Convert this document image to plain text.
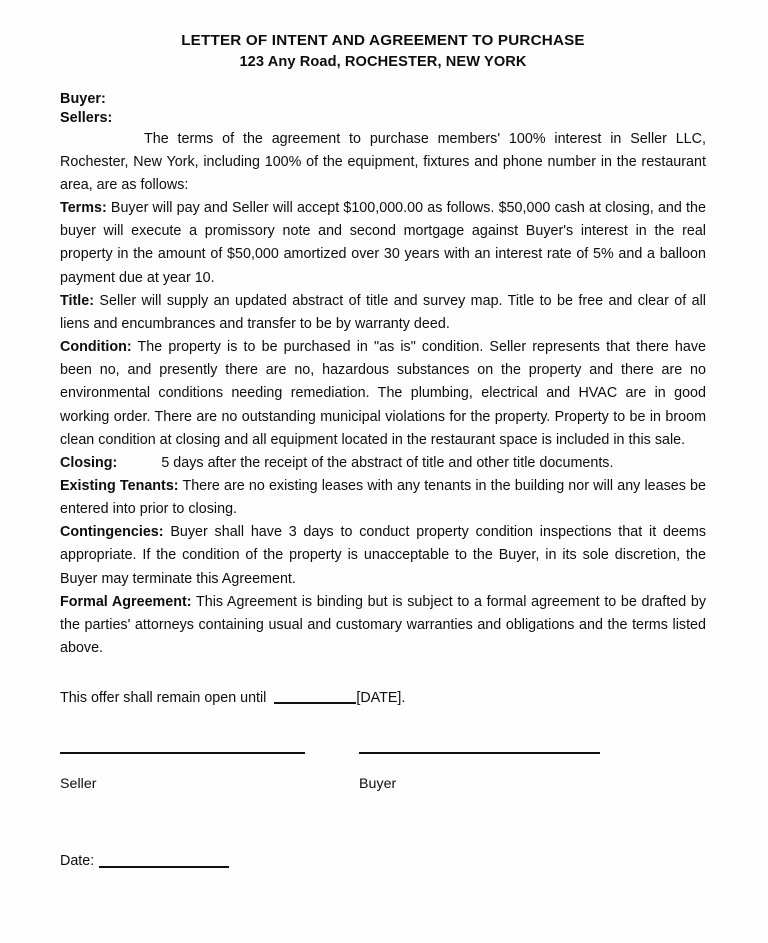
LETTER OF INTENT AND AGREEMENT TO PURCHASE
123 Any Road, ROCHESTER, NEW YORK
Buyer:
Sellers:

The terms of the agreement to purchase members' 100% interest in Seller LLC, Rochester, New York, including 100% of the equipment, fixtures and phone number in the restaurant area, are as follows:

Terms: Buyer will pay and Seller will accept $100,000.00 as follows. $50,000 cash at closing, and the buyer will execute a promissory note and second mortgage against Buyer's interest in the real property in the amount of $50,000 amortized over 30 years with an interest rate of 5% and a balloon payment due at year 10.

Title: Seller will supply an updated abstract of title and survey map. Title to be free and clear of all liens and encumbrances and transfer to be by warranty deed.

Condition: The property is to be purchased in "as is" condition. Seller represents that there have been no, and presently there are no, hazardous substances on the property and there are no environmental conditions needing remediation. The plumbing, electrical and HVAC are in good working order. There are no outstanding municipal violations for the property. Property to be in broom clean condition at closing and all equipment located in the restaurant space is included in this sale.

Closing:	5 days after the receipt of the abstract of title and other title documents.

Existing Tenants: There are no existing leases with any tenants in the building nor will any leases be entered into prior to closing.

Contingencies: Buyer shall have 3 days to conduct property condition inspections that it deems appropriate. If the condition of the property is unacceptable to the Buyer, in its sole discretion, the Buyer may terminate this Agreement.

Formal Agreement: This Agreement is binding but is subject to a formal agreement to be drafted by the parties' attorneys containing usual and customary warranties and obligations and the terms listed above.

This offer shall remain open until	[DATE].
Seller	Buyer
Date:
